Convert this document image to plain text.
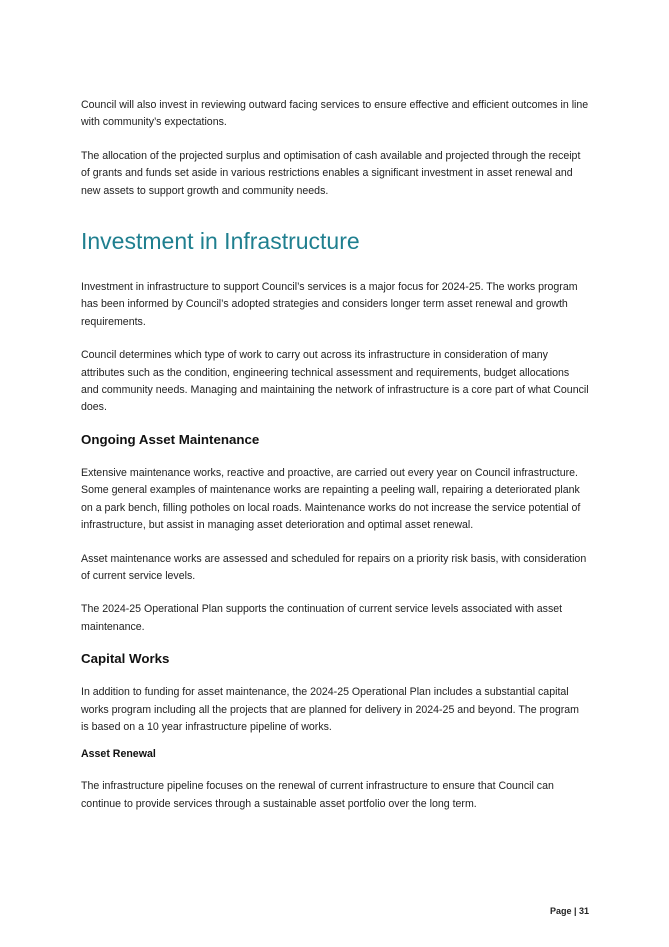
Council will also invest in reviewing outward facing services to ensure effective and efficient outcomes in line with community’s expectations.

The allocation of the projected surplus and optimisation of cash available and projected through the receipt of grants and funds set aside in various restrictions enables a significant investment in asset renewal and new assets to support growth and community needs.

Investment in Infrastructure

Investment in infrastructure to support Council’s services is a major focus for 2024-25. The works program has been informed by Council’s adopted strategies and considers longer term asset renewal and growth requirements.

Council determines which type of work to carry out across its infrastructure in consideration of many attributes such as the condition, engineering technical assessment and requirements, budget allocations and community needs. Managing and maintaining the network of infrastructure is a core part of what Council does.

Ongoing Asset Maintenance

Extensive maintenance works, reactive and proactive, are carried out every year on Council infrastructure. Some general examples of maintenance works are repainting a peeling wall, repairing a deteriorated plank on a park bench, filling potholes on local roads. Maintenance works do not increase the service potential of infrastructure, but assist in managing asset deterioration and optimal asset renewal.

Asset maintenance works are assessed and scheduled for repairs on a priority risk basis, with consideration of current service levels.

The 2024-25 Operational Plan supports the continuation of current service levels associated with asset maintenance.

Capital Works

In addition to funding for asset maintenance, the 2024-25 Operational Plan includes a substantial capital works program including all the projects that are planned for delivery in 2024-25 and beyond. The program is based on a 10 year infrastructure pipeline of works.

Asset Renewal

The infrastructure pipeline focuses on the renewal of current infrastructure to ensure that Council can continue to provide services through a sustainable asset portfolio over the long term.

Page | 31
